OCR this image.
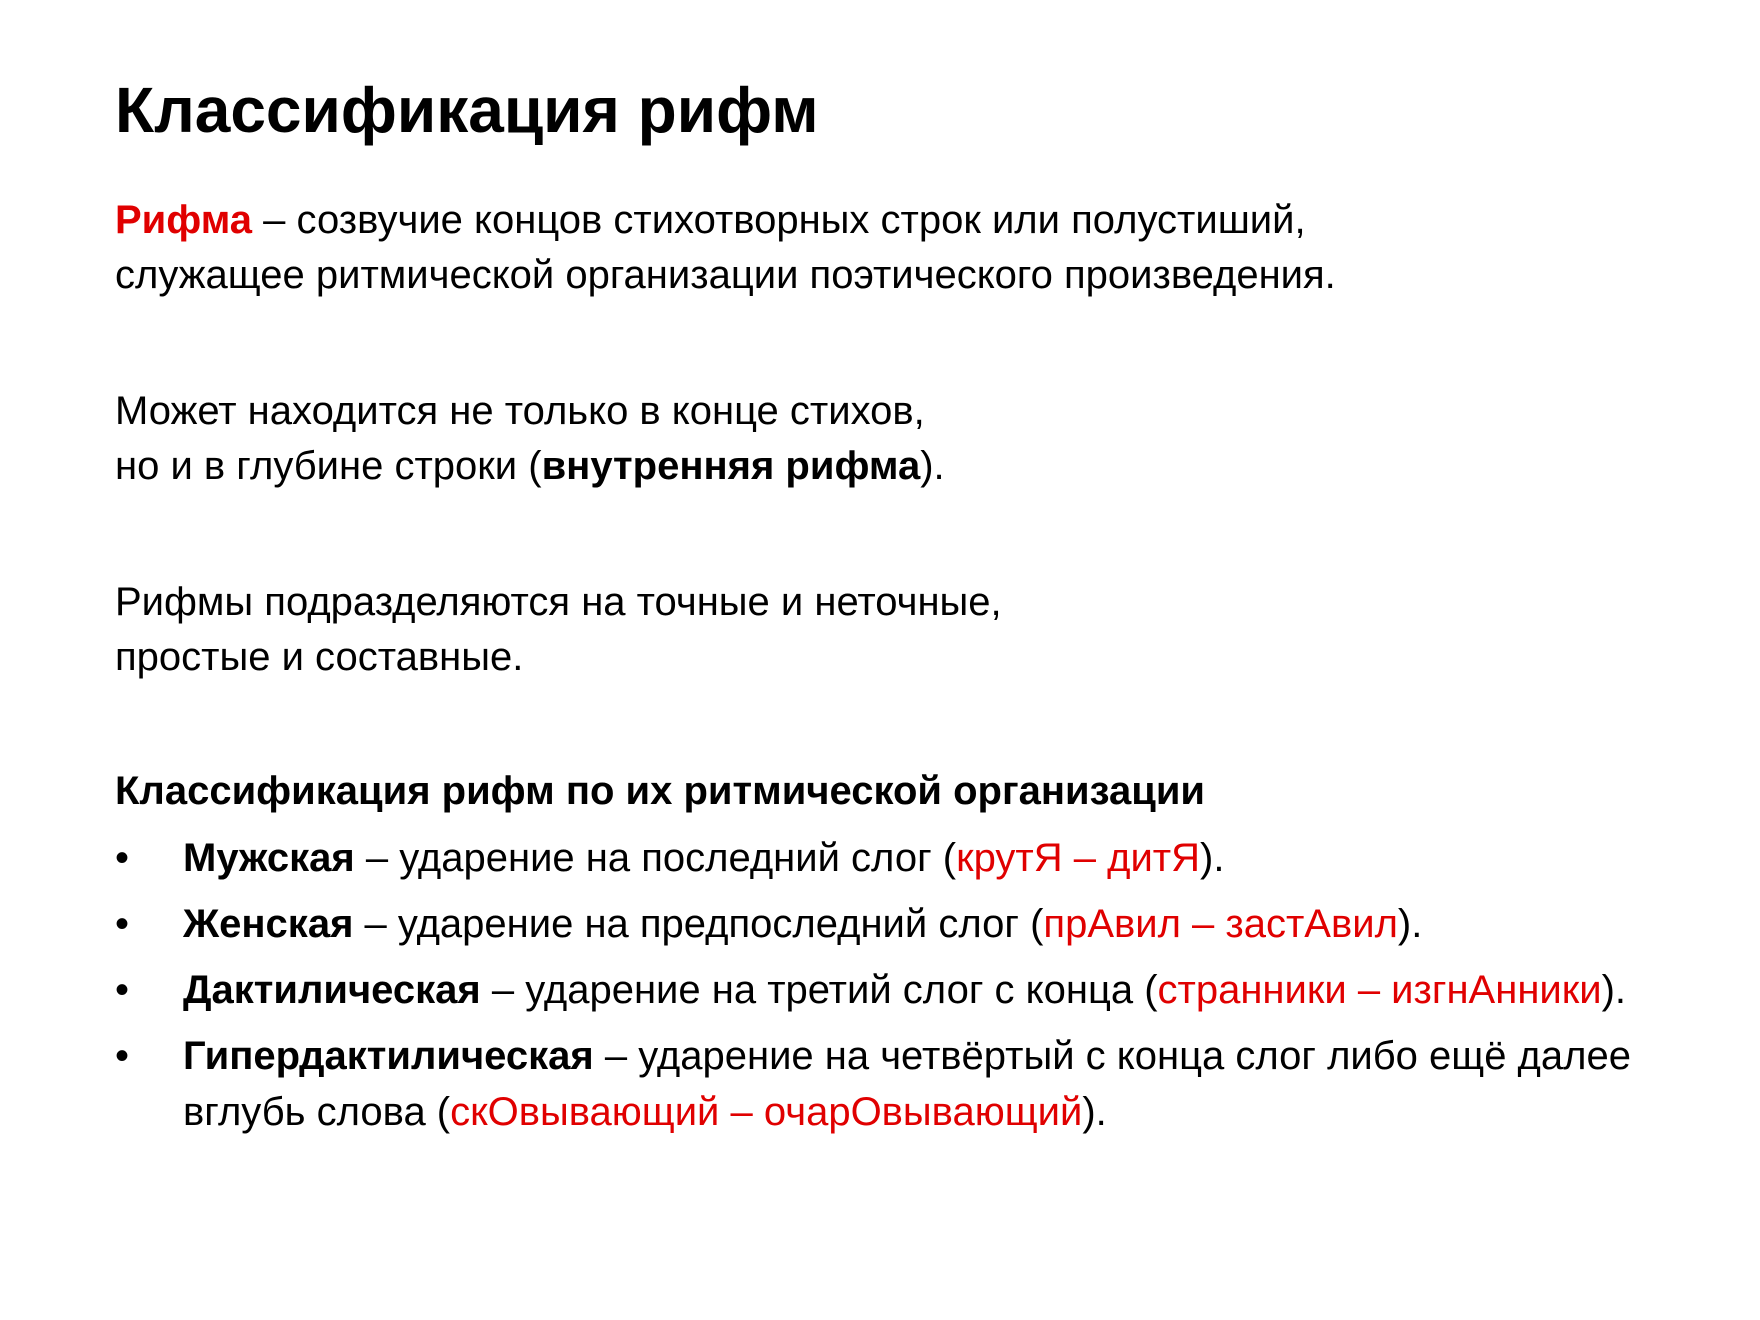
Классификация рифм
Рифма – созвучие концов стихотворных строк или полустиший,
служащее ритмической организации поэтического произведения.
Может находится не только в конце стихов,
но и в глубине строки (внутренняя рифма).
Рифмы подразделяются на точные и неточные,
простые и составные.
Классификация рифм по их ритмической организации
• Мужская – ударение на последний слог (крутЯ – дитЯ).
• Женская – ударение на предпоследний слог (прАвил – застАвил).
• Дактилическая – ударение на третий слог с конца (странники – изгнАнники).
• Гипердактилическая – ударение на четвёртый с конца слог либо ещё далее вглубь слова (скОвывающий – очарОвывающий).
